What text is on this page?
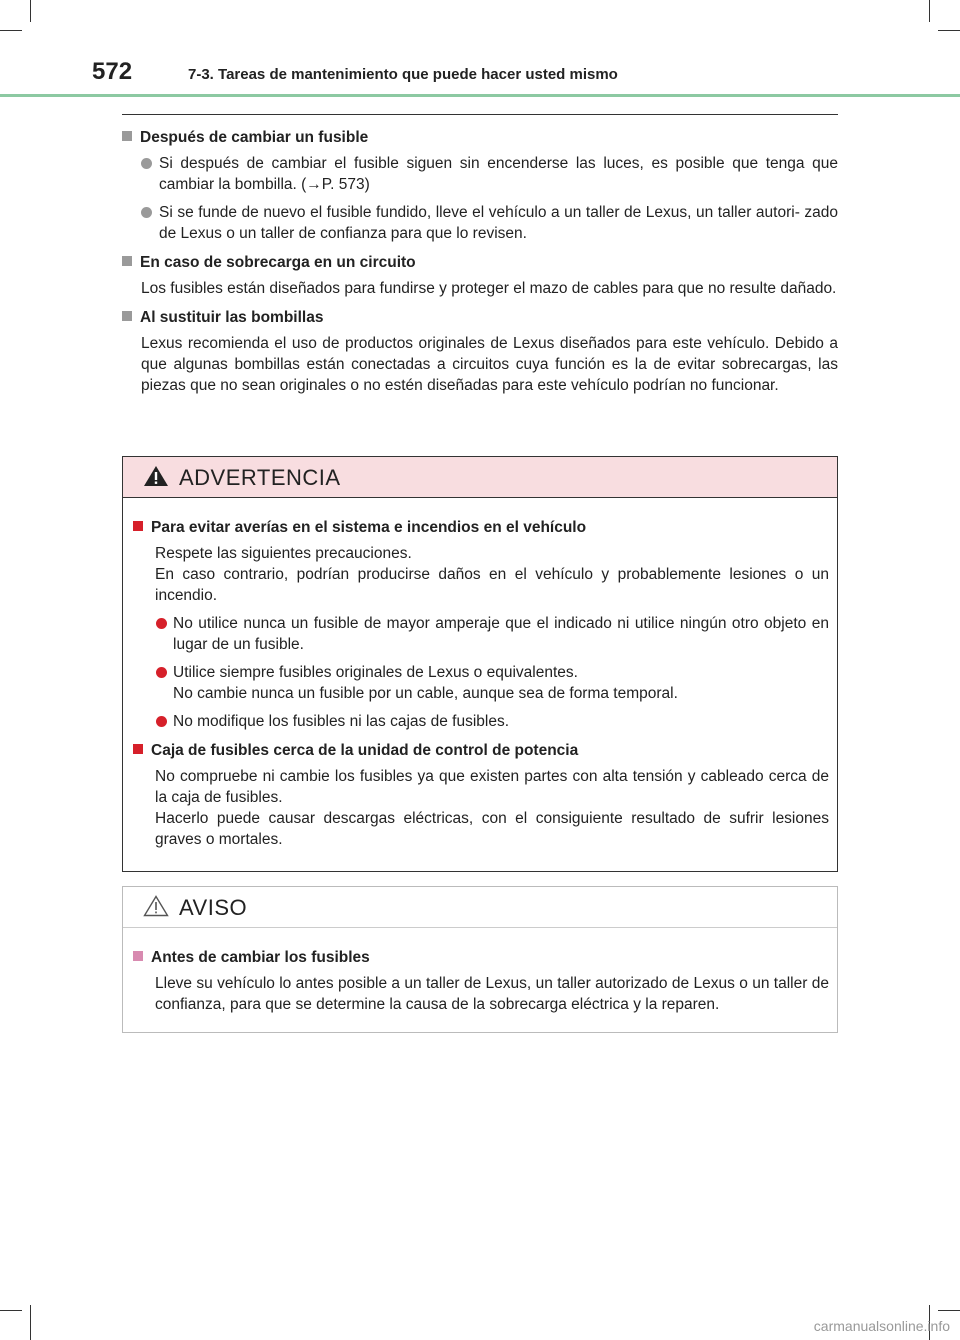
572	7-3. Tareas de mantenimiento que puede hacer usted mismo
Después de cambiar un fusible
Si después de cambiar el fusible siguen sin encenderse las luces, es posible que tenga que cambiar la bombilla. (→P. 573)
Si se funde de nuevo el fusible fundido, lleve el vehículo a un taller de Lexus, un taller autori- zado de Lexus o un taller de confianza para que lo revisen.
En caso de sobrecarga en un circuito
Los fusibles están diseñados para fundirse y proteger el mazo de cables para que no resulte dañado.
Al sustituir las bombillas
Lexus recomienda el uso de productos originales de Lexus diseñados para este vehículo. Debido a que algunas bombillas están conectadas a circuitos cuya función es la de evitar sobrecargas, las piezas que no sean originales o no estén diseñadas para este vehículo podrían no funcionar.
ADVERTENCIA
Para evitar averías en el sistema e incendios en el vehículo
Respete las siguientes precauciones.
En caso contrario, podrían producirse daños en el vehículo y probablemente lesiones o un incendio.
No utilice nunca un fusible de mayor amperaje que el indicado ni utilice ningún otro objeto en lugar de un fusible.
Utilice siempre fusibles originales de Lexus o equivalentes.
No cambie nunca un fusible por un cable, aunque sea de forma temporal.
No modifique los fusibles ni las cajas de fusibles.
Caja de fusibles cerca de la unidad de control de potencia
No compruebe ni cambie los fusibles ya que existen partes con alta tensión y cableado cerca de la caja de fusibles.
Hacerlo puede causar descargas eléctricas, con el consiguiente resultado de sufrir lesiones graves o mortales.
AVISO
Antes de cambiar los fusibles
Lleve su vehículo lo antes posible a un taller de Lexus, un taller autorizado de Lexus o un taller de confianza, para que se determine la causa de la sobrecarga eléctrica y la reparen.
carmanualsonline.info
